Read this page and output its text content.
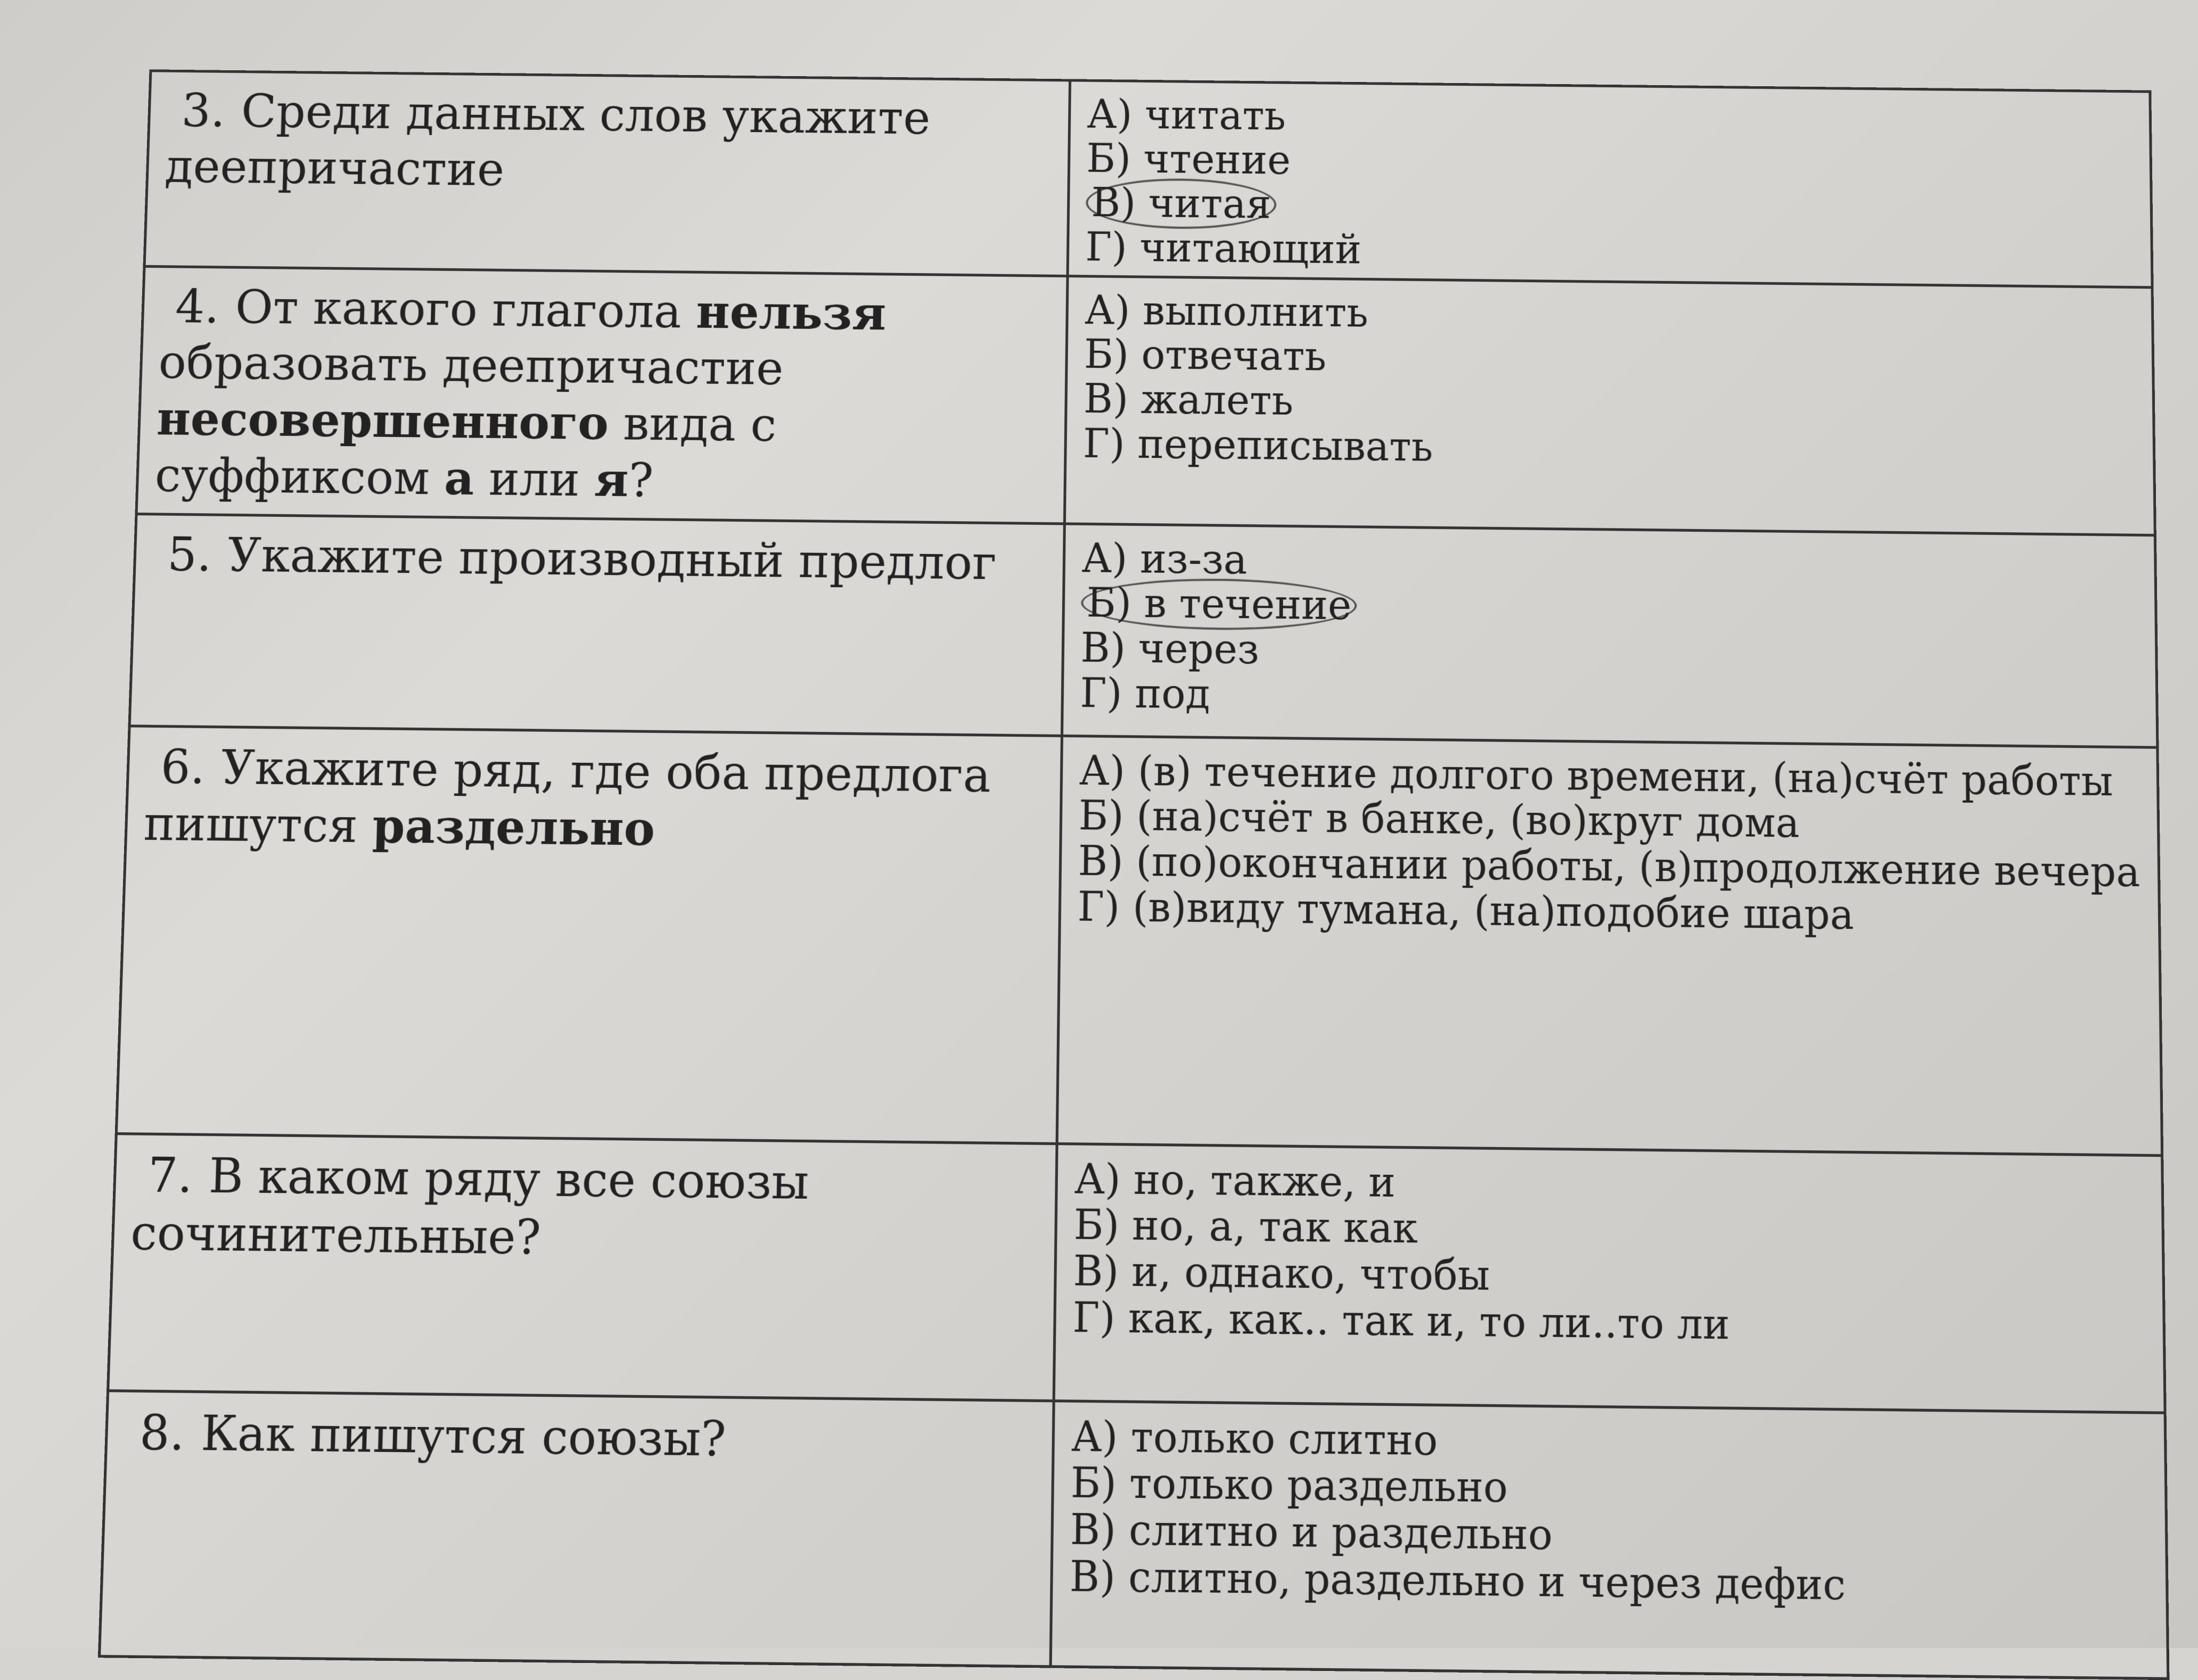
3. Среди данных слов укажите деепричастие	А) читать
Б) чтение
В) читая
Г) читающий

4. От какого глагола нельзя образовать деепричастие несовершенного вида с суффиксом а или я?	А) выполнить
Б) отвечать
В) жалеть
Г) переписывать

5. Укажите производный предлог	А) из-за
Б) в течение
В) через
Г) под

6. Укажите ряд, где оба предлога пишутся раздельно	А) (в) течение долгого времени, (на)счёт работы
Б) (на)счёт в банке, (во)круг дома
В) (по)окончании работы, (в)продолжение вечера
Г) (в)виду тумана, (на)подобие шара

7. В каком ряду все союзы сочинительные?	А) но, также, и
Б) но, а, так как
В) и, однако, чтобы
Г) как, как.. так и, то ли..то ли

8. Как пишутся союзы?	А) только слитно
Б) только раздельно
В) слитно и раздельно
В) слитно, раздельно и через дефис
